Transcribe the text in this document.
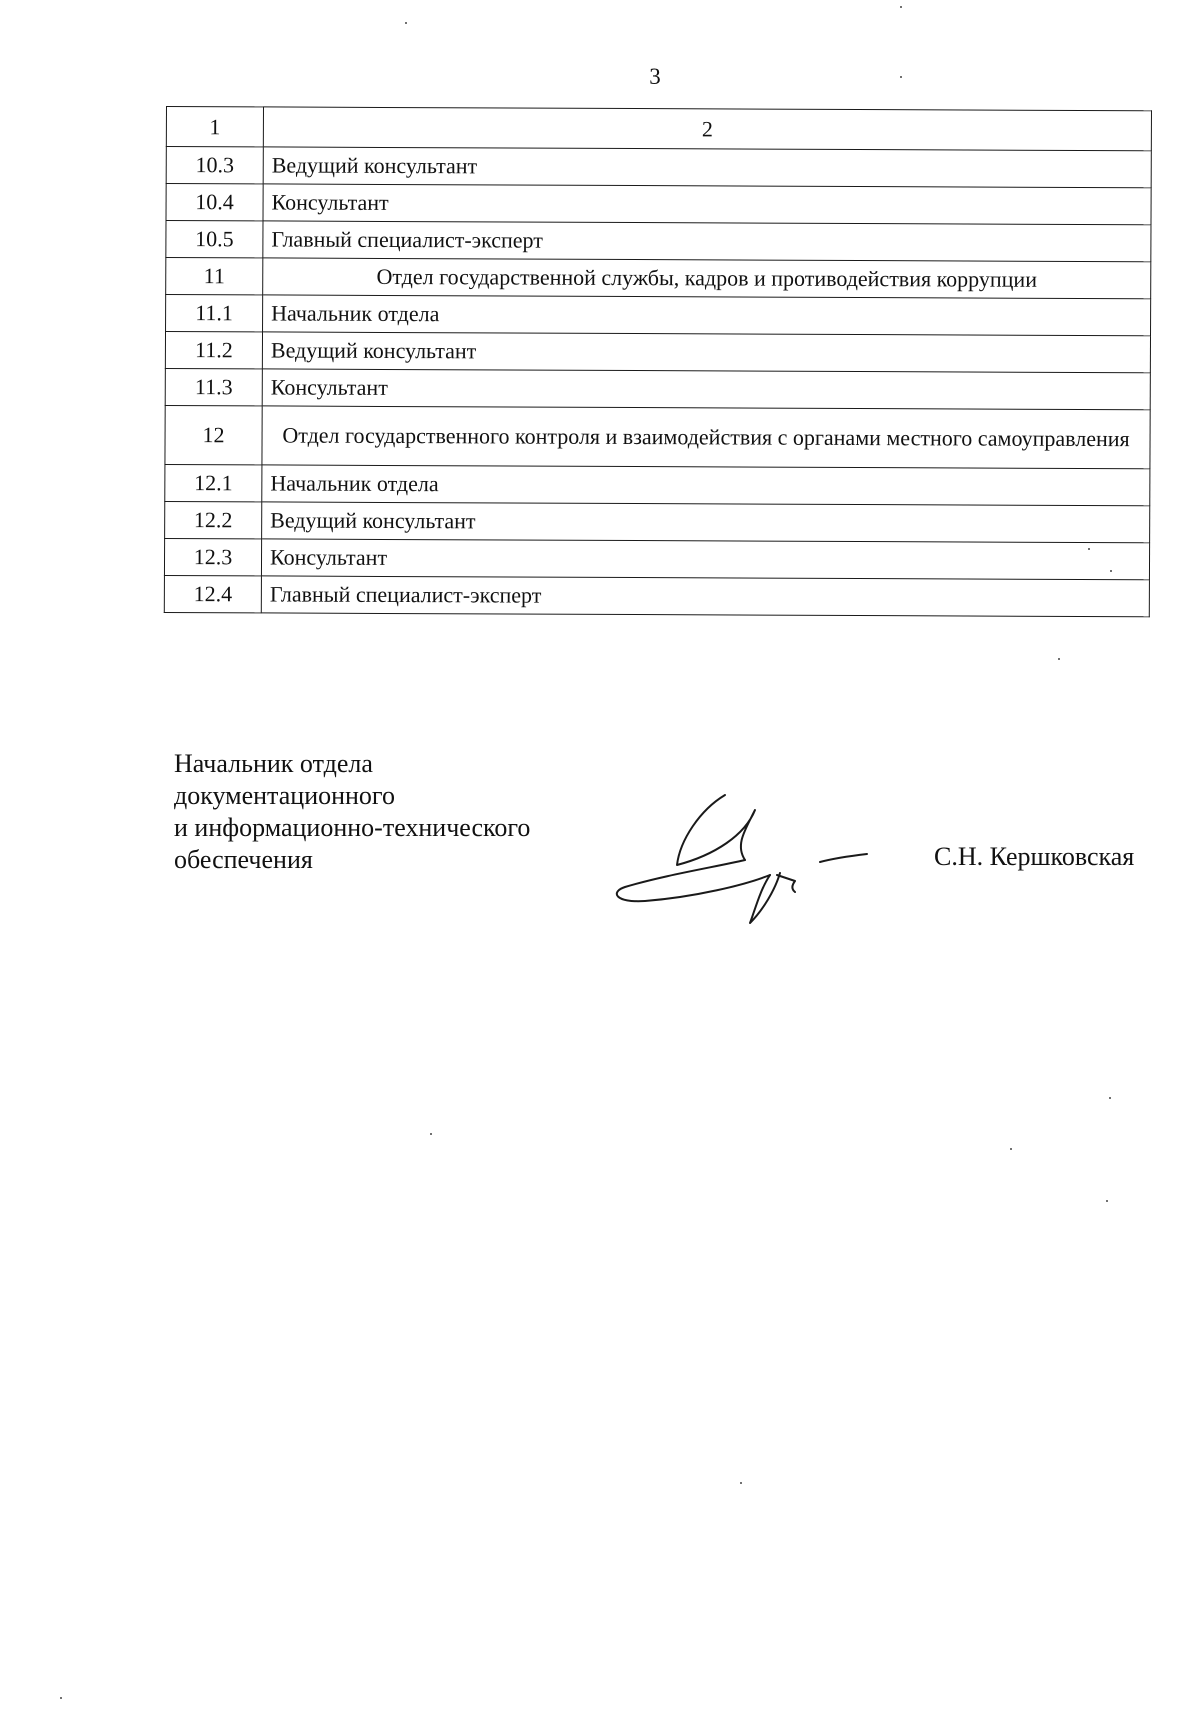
3
1	2
10.3	Ведущий консультант
10.4	Консультант
10.5	Главный специалист-эксперт
11	Отдел государственной службы, кадров и противодействия коррупции
11.1	Начальник отдела
11.2	Ведущий консультант
11.3	Консультант
12	Отдел государственного контроля и взаимодействия с органами местного самоуправления
12.1	Начальник отдела
12.2	Ведущий консультант
12.3	Консультант
12.4	Главный специалист-эксперт
Начальник отдела
документационного
и информационно-технического
обеспечения	С.Н. Кершковская
